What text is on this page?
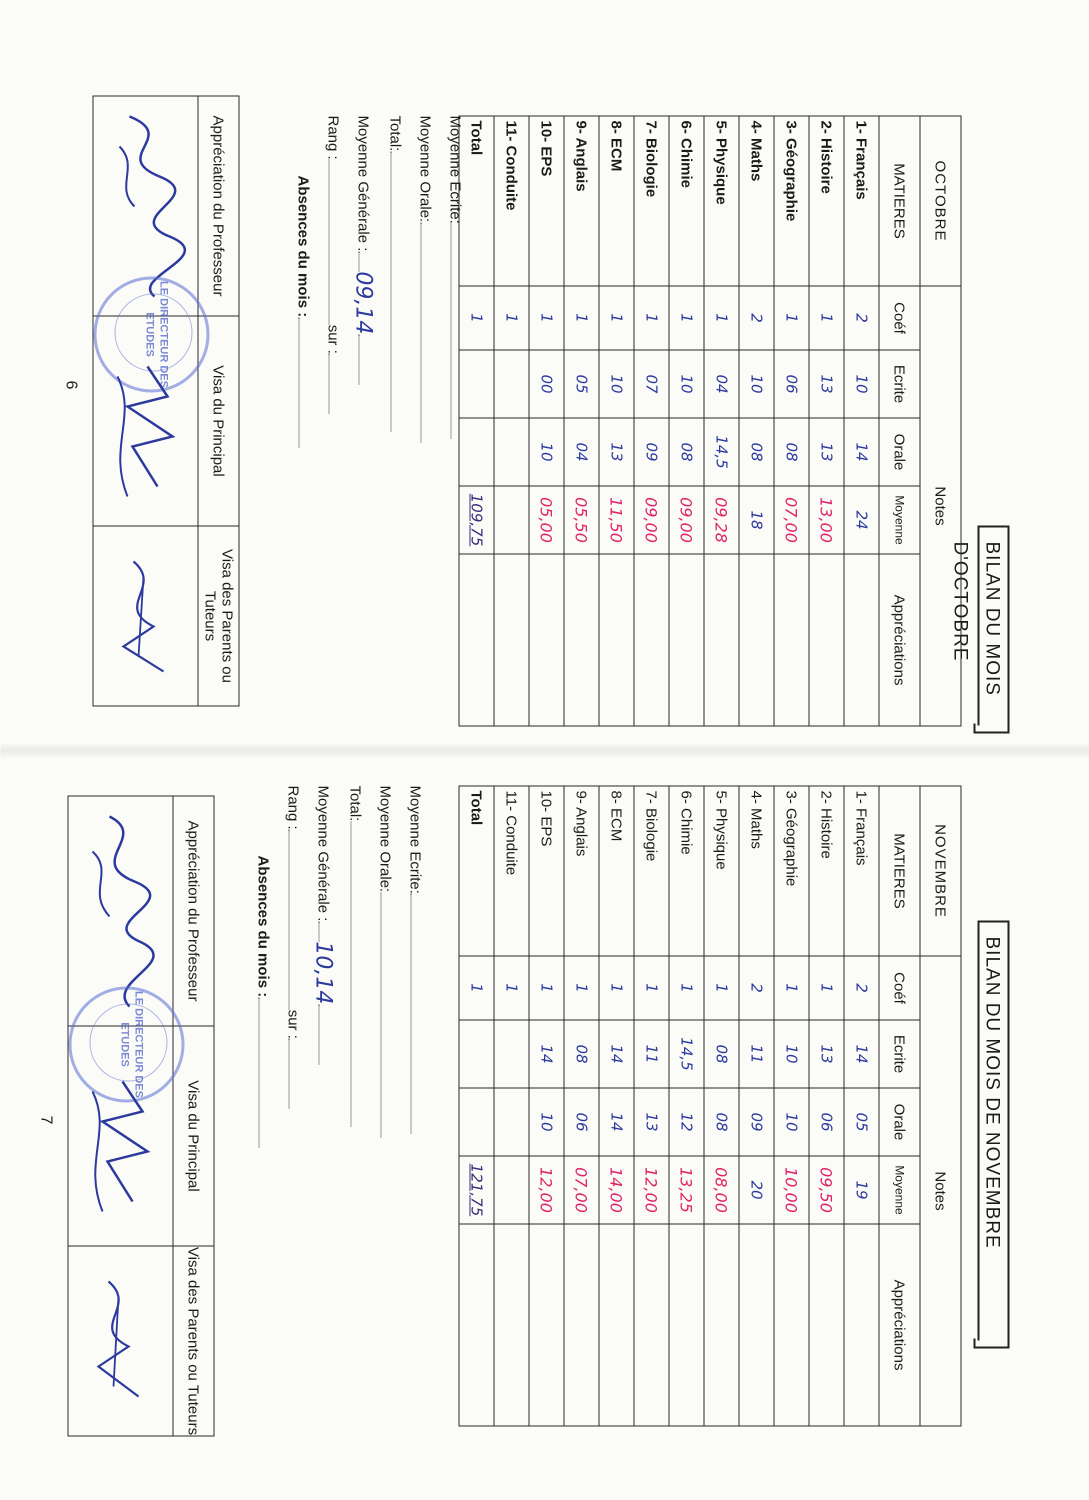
BILAN DU MOIS D'OCTOBRE
OCTOBRE	Notes				
MATIERES	Coéf	Ecrite	Orale	Moyenne	Appréciations
1- Français	2	10	14	24	
2- Histoire	1	13	13	13,00	
3- Géographie	1	06	08	07,00	
4- Maths	2	10	08	18	
5- Physique	1	04	14,5	09,28	
6- Chimie	1	10	08	09,00	
7- Biologie	1	07	09	09,00	
8- ECM	1	10	13	11,50	
9- Anglais	1	05	04	05,50	
10- EPS	1	00	10	05,00	
11- Conduite	1				
Total	1			109,75	
Moyenne Ecrite:
Moyenne Orale:
Total:
Moyenne Générale :09,14
Rang :sur :
Absences du mois :
Appréciation du Professeur	Visa du Principal	Visa des Parents ou Tuteurs

LE DIRECTEUR DES ETUDES

6
BILAN DU MOIS DE NOVEMBRE
NOVEMBRE	Notes				
MATIERES	Coéf	Ecrite	Orale	Moyenne	Appréciations
1- Français	2	14	05	19	
2- Histoire	1	13	06	09,50	
3- Géographie	1	10	10	10,00	
4- Maths	2	11	09	20	
5- Physique	1	08	08	08,00	
6- Chimie	1	14,5	12	13,25	
7- Biologie	1	11	13	12,00	
8- ECM	1	14	14	14,00	
9- Anglais	1	08	06	07,00	
10- EPS	1	14	10	12,00	
11- Conduite	1				
Total	1			121,75	
Moyenne Ecrite:
Moyenne Orale:
Total:
Moyenne Générale :10,14
Rang :sur :
Absences du mois :
Appréciation du Professeur	Visa du Principal	Visa des Parents ou Tuteurs

LE DIRECTEUR DES ETUDES

7
